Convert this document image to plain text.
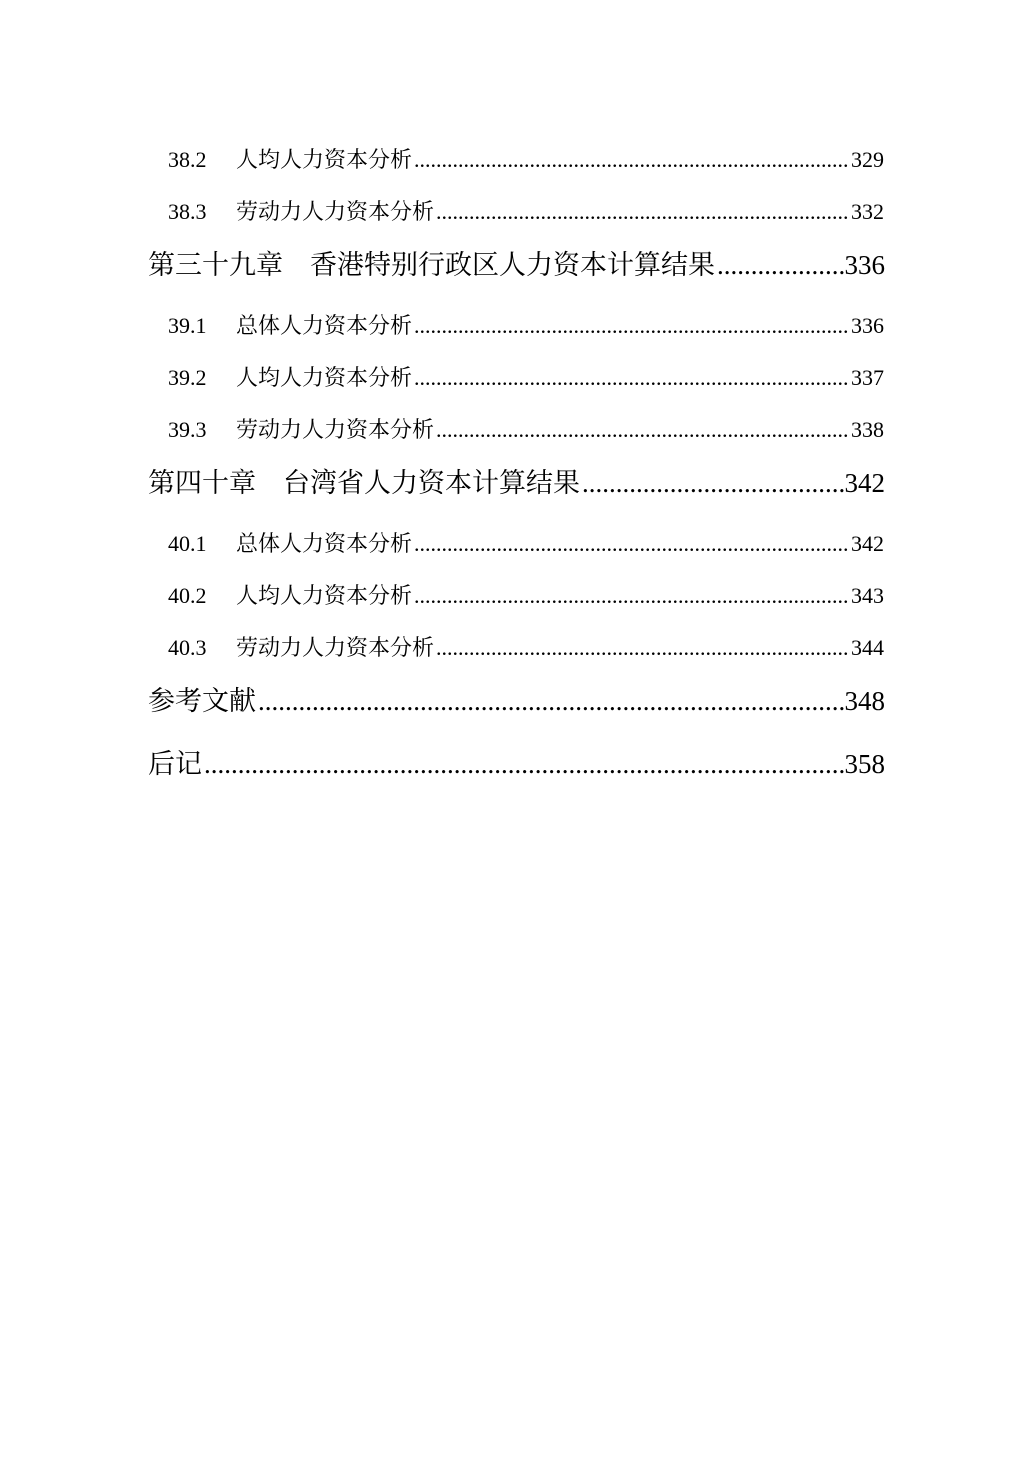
38.2	人均人力资本分析 .....	329
38.3	劳动力人力资本分析 .....	332
第三十九章 香港特别行政区人力资本计算结果 .....	336
39.1	总体人力资本分析 .....	336
39.2	人均人力资本分析 .....	337
39.3	劳动力人力资本分析 .....	338
第四十章 台湾省人力资本计算结果 .....	342
40.1	总体人力资本分析 .....	342
40.2	人均人力资本分析 .....	343
40.3	劳动力人力资本分析 .....	344
参考文献 .....	348
后记 .....	358
